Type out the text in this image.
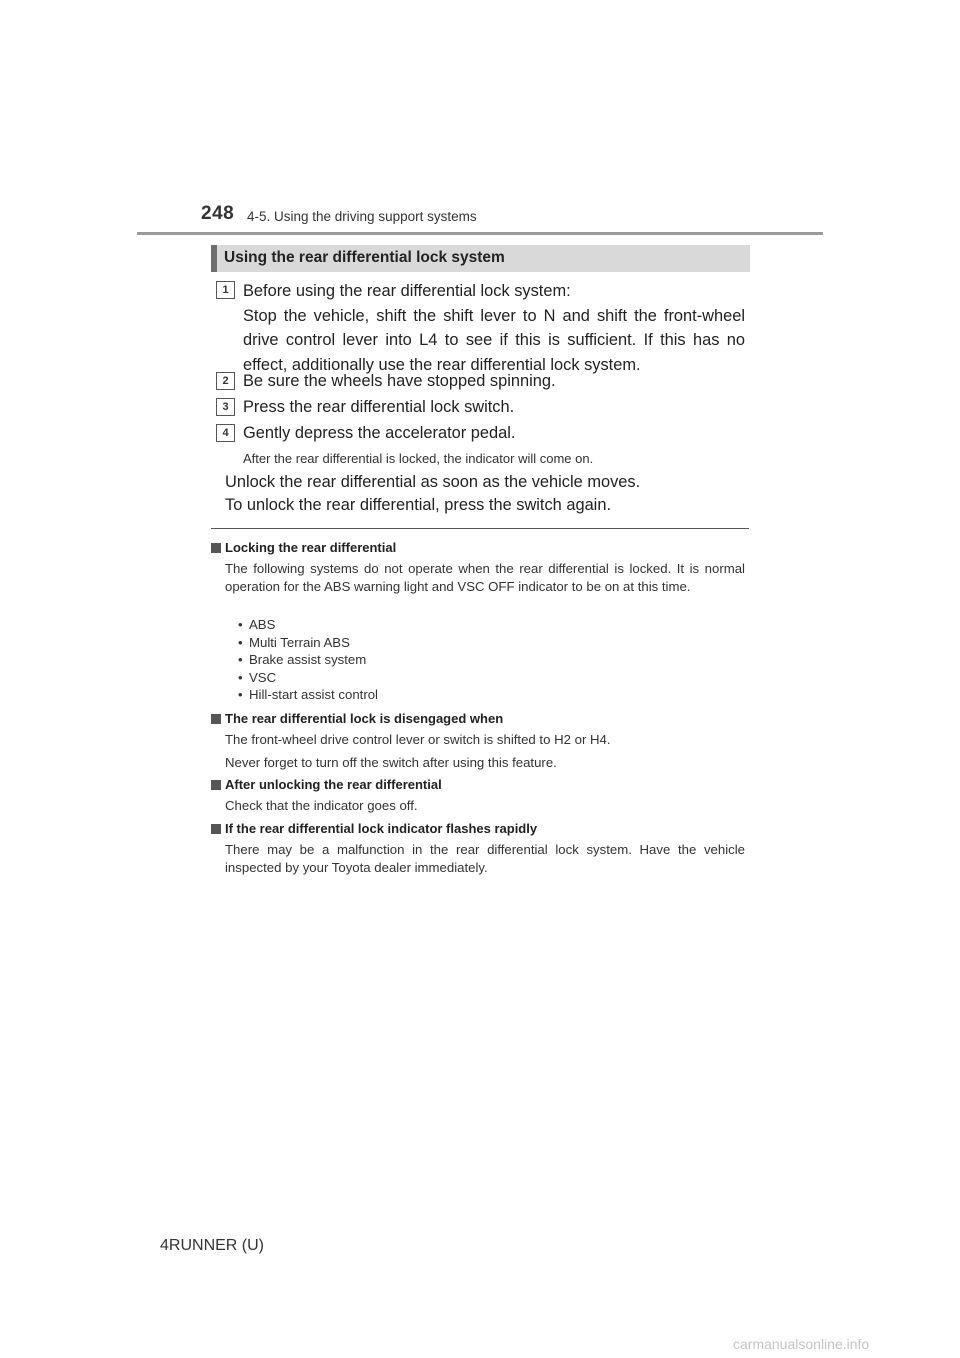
248 4-5. Using the driving support systems
Using the rear differential lock system
1 Before using the rear differential lock system:
Stop the vehicle, shift the shift lever to N and shift the front-wheel drive control lever into L4 to see if this is sufficient. If this has no effect, additionally use the rear differential lock system.
2 Be sure the wheels have stopped spinning.
3 Press the rear differential lock switch.
4 Gently depress the accelerator pedal.
After the rear differential is locked, the indicator will come on.
Unlock the rear differential as soon as the vehicle moves.
To unlock the rear differential, press the switch again.
Locking the rear differential
The following systems do not operate when the rear differential is locked. It is normal operation for the ABS warning light and VSC OFF indicator to be on at this time.
• ABS
• Multi Terrain ABS
• Brake assist system
• VSC
• Hill-start assist control
The rear differential lock is disengaged when
The front-wheel drive control lever or switch is shifted to H2 or H4.
Never forget to turn off the switch after using this feature.
After unlocking the rear differential
Check that the indicator goes off.
If the rear differential lock indicator flashes rapidly
There may be a malfunction in the rear differential lock system. Have the vehicle inspected by your Toyota dealer immediately.
4RUNNER (U)
carmanualsonline.info
